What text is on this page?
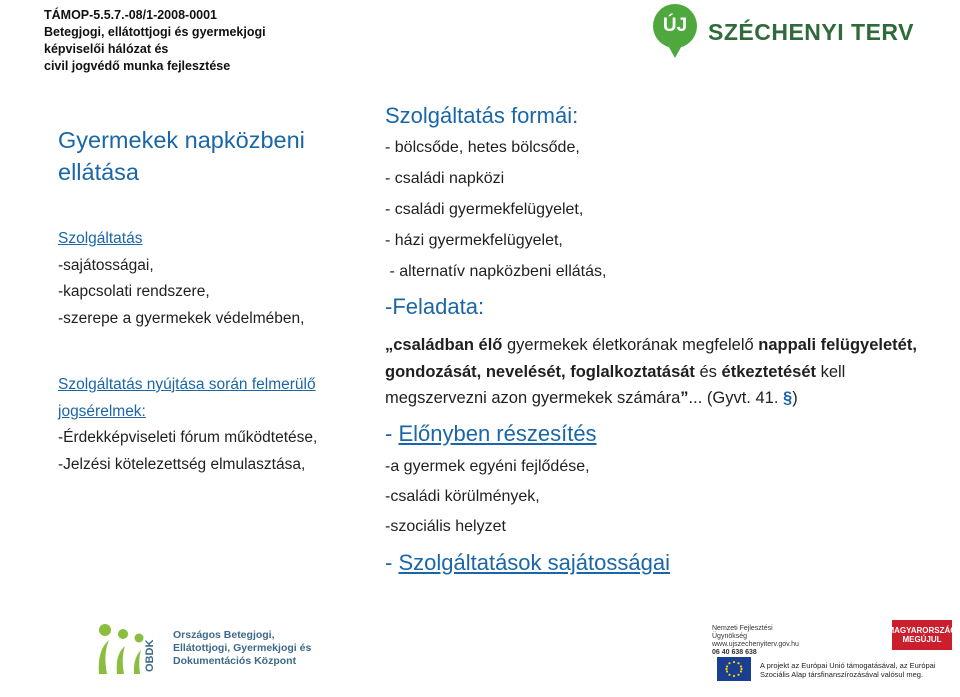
TÁMOP-5.5.7.-08/1-2008-0001
Betegjogi, ellátottjogi és gyermekjogi
képviselői hálózat és
civil jogvédő munka fejlesztése
ÚJ SZÉCHENYI TERV
Gyermekek napközbeni
ellátása
Szolgáltatás
-sajátosságai,
-kapcsolati rendszere,
-szerepe a gyermekek védelmében,
Szolgáltatás nyújtása során felmerülő
jogsérelmek:
-Érdekképviseleti fórum működtetése,
-Jelzési kötelezettség elmulasztása,
Szolgáltatás formái:
- bölcsőde, hetes bölcsőde,
- családi napközi
- családi gyermekfelügyelet,
- házi gyermekfelügyelet,
- alternatív napközbeni ellátás,
-Feladata:
„családban élő gyermekek életkorának megfelelő nappali felügyeletét, gondozását, nevelését, foglalkoztatását és étkeztetését kell megszervezni azon gyermekek számára”... (Gyvt. 41. §)
- Előnyben részesítés
-a gyermek egyéni fejlődése,
-családi körülmények,
-szociális helyzet
- Szolgáltatások sajátosságai
OBDK
Országos Betegjogi,
Ellátottjogi, Gyermekjogi és
Dokumentációs Központ
Nemzeti Fejlesztési Ügynökség
www.ujszechenyiterv.gov.hu
06 40 638 638
MAGYARORSZÁG MEGÚJUL
A projekt az Európai Unió támogatásával, az Európai Szociális Alap társfinanszírozásával valósul meg.
